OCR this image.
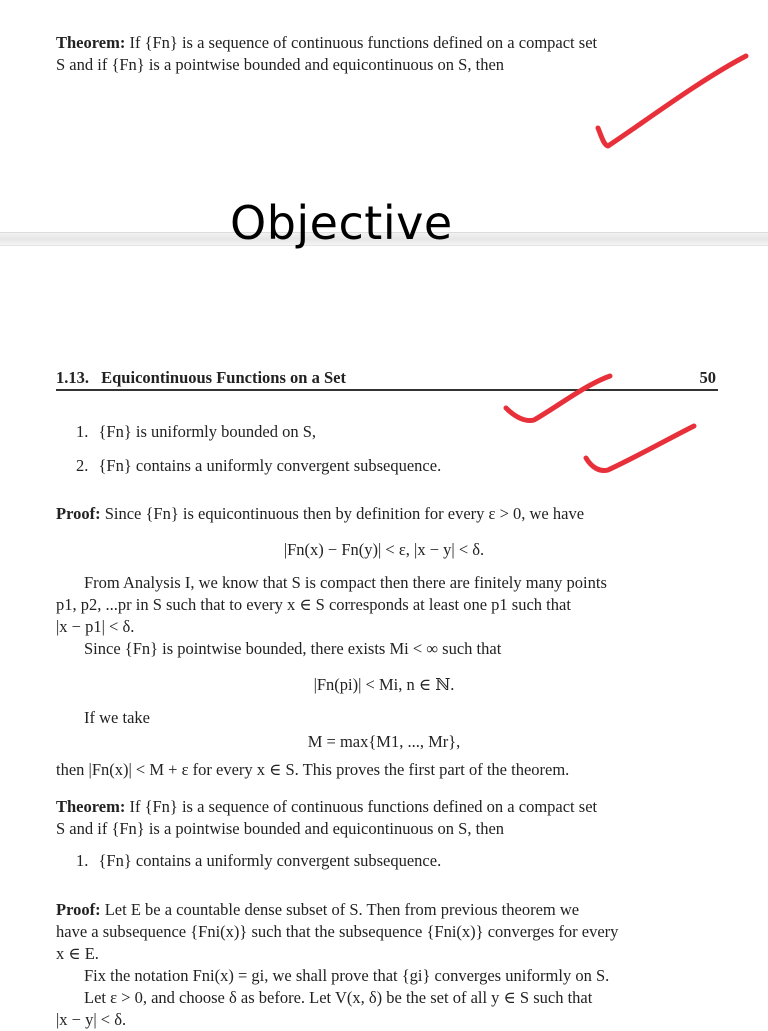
Theorem: If {Fn} is a sequence of continuous functions defined on a compact set
S and if {Fn} is a pointwise bounded and equicontinuous on S, then
Objective
1.13. Equicontinuous Functions on a Set	50
1. {Fn} is uniformly bounded on S,
2. {Fn} contains a uniformly convergent subsequence.
Proof: Since {Fn} is equicontinuous then by definition for every ε > 0, we have
|Fn(x) − Fn(y)| < ε, |x − y| < δ.
From Analysis I, we know that S is compact then there are finitely many points
p1, p2, ...pr in S such that to every x ∈ S corresponds at least one p1 such that
|x − p1| < δ.
Since {Fn} is pointwise bounded, there exists Mi < ∞ such that
|Fn(pi)| < Mi, n ∈ ℕ.
If we take
M = max{M1, ..., Mr},
then |Fn(x)| < M + ε for every x ∈ S. This proves the first part of the theorem.
Theorem: If {Fn} is a sequence of continuous functions defined on a compact set
S and if {Fn} is a pointwise bounded and equicontinuous on S, then
1. {Fn} contains a uniformly convergent subsequence.
Proof: Let E be a countable dense subset of S. Then from previous theorem we
have a subsequence {Fni(x)} such that the subsequence {Fni(x)} converges for every
x ∈ E.
Fix the notation Fni(x) = gi, we shall prove that {gi} converges uniformly on S.
Let ε > 0, and choose δ as before. Let V(x, δ) be the set of all y ∈ S such that
|x − y| < δ.
